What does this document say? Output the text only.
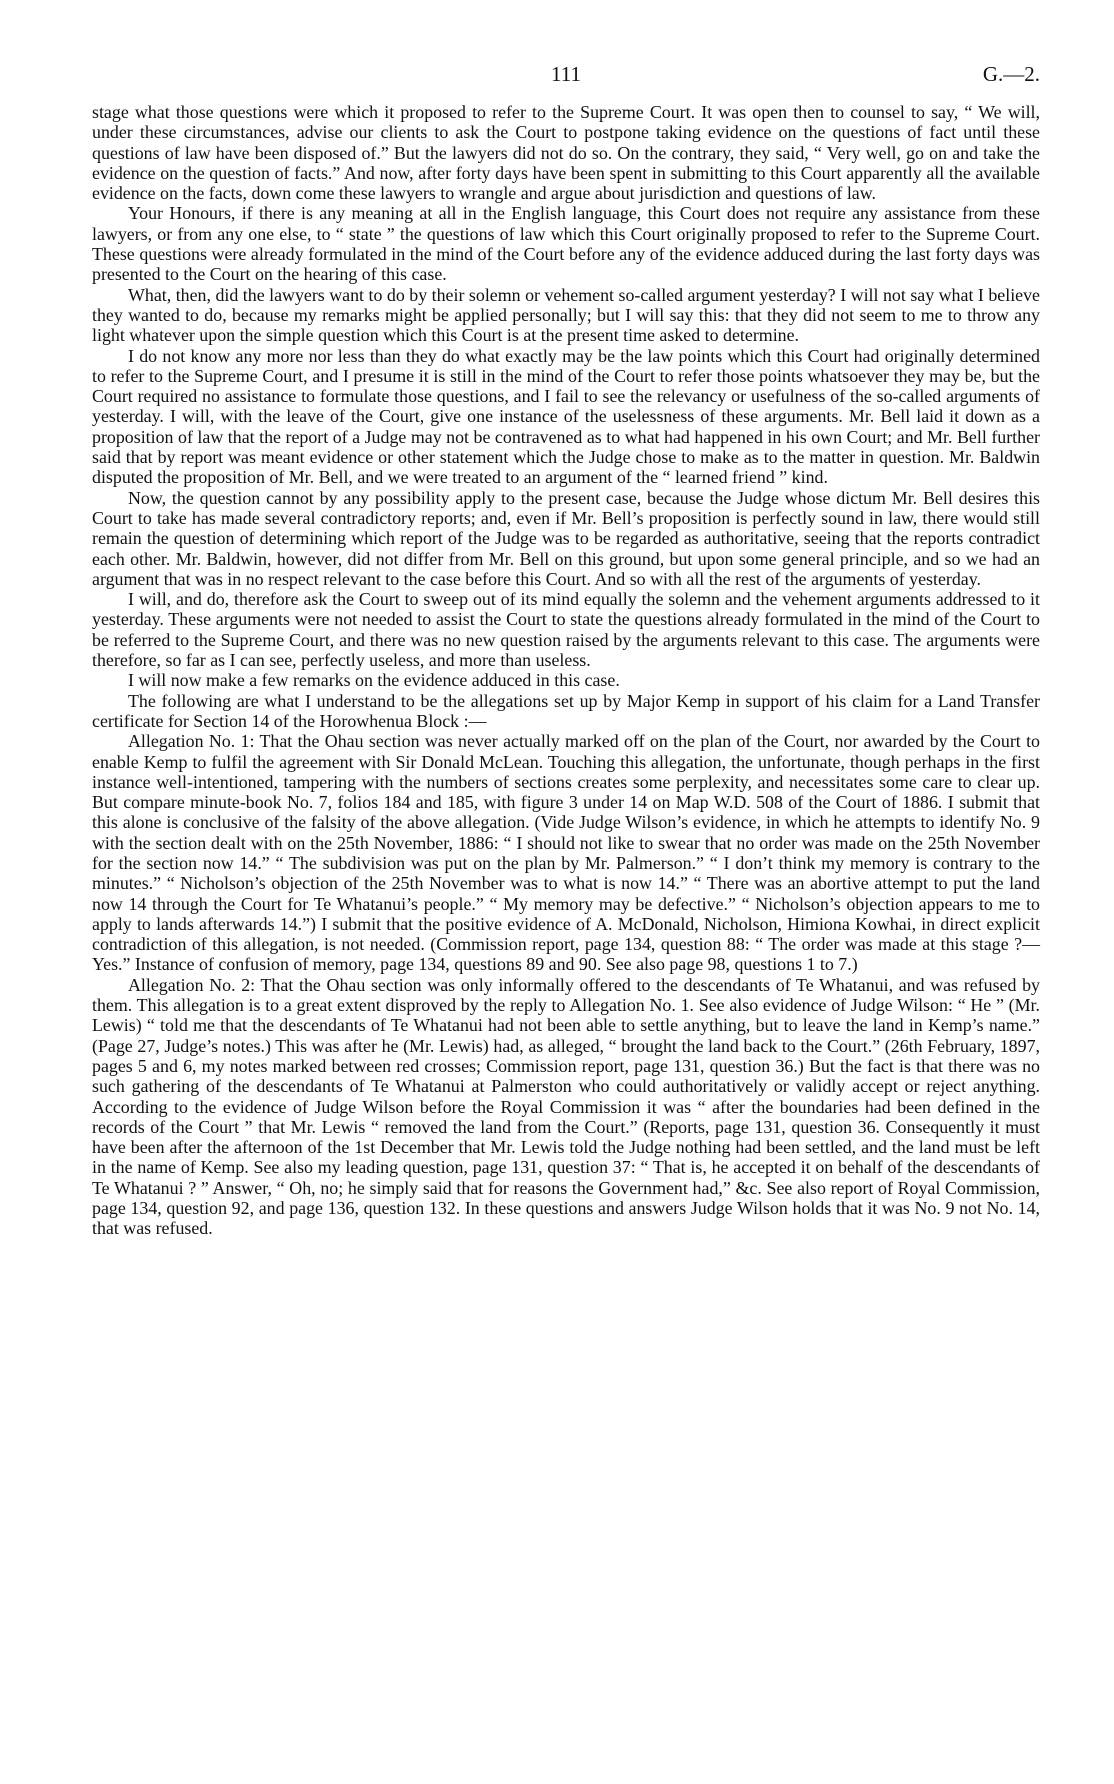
111	G.—2.

stage what those questions were which it proposed to refer to the Supreme Court. It was open then to counsel to say, “ We will, under these circumstances, advise our clients to ask the Court to postpone taking evidence on the questions of fact until these questions of law have been disposed of.” But the lawyers did not do so. On the contrary, they said, “ Very well, go on and take the evidence on the question of facts.” And now, after forty days have been spent in submitting to this Court apparently all the available evidence on the facts, down come these lawyers to wrangle and argue about jurisdiction and questions of law.

Your Honours, if there is any meaning at all in the English language, this Court does not require any assistance from these lawyers, or from any one else, to “ state ” the questions of law which this Court originally proposed to refer to the Supreme Court. These questions were already formulated in the mind of the Court before any of the evidence adduced during the last forty days was presented to the Court on the hearing of this case.

What, then, did the lawyers want to do by their solemn or vehement so-called argument yesterday? I will not say what I believe they wanted to do, because my remarks might be applied personally; but I will say this: that they did not seem to me to throw any light whatever upon the simple question which this Court is at the present time asked to determine.

I do not know any more nor less than they do what exactly may be the law points which this Court had originally determined to refer to the Supreme Court, and I presume it is still in the mind of the Court to refer those points whatsoever they may be, but the Court required no assistance to formulate those questions, and I fail to see the relevancy or usefulness of the so-called arguments of yesterday. I will, with the leave of the Court, give one instance of the uselessness of these arguments. Mr. Bell laid it down as a proposition of law that the report of a Judge may not be contravened as to what had happened in his own Court; and Mr. Bell further said that by report was meant evidence or other statement which the Judge chose to make as to the matter in question. Mr. Baldwin disputed the proposition of Mr. Bell, and we were treated to an argument of the “ learned friend ” kind.

Now, the question cannot by any possibility apply to the present case, because the Judge whose dictum Mr. Bell desires this Court to take has made several contradictory reports; and, even if Mr. Bell’s proposition is perfectly sound in law, there would still remain the question of determining which report of the Judge was to be regarded as authoritative, seeing that the reports contradict each other. Mr. Baldwin, however, did not differ from Mr. Bell on this ground, but upon some general principle, and so we had an argument that was in no respect relevant to the case before this Court. And so with all the rest of the arguments of yesterday.

I will, and do, therefore ask the Court to sweep out of its mind equally the solemn and the vehement arguments addressed to it yesterday. These arguments were not needed to assist the Court to state the questions already formulated in the mind of the Court to be referred to the Supreme Court, and there was no new question raised by the arguments relevant to this case. The arguments were therefore, so far as I can see, perfectly useless, and more than useless.

I will now make a few remarks on the evidence adduced in this case.

The following are what I understand to be the allegations set up by Major Kemp in support of his claim for a Land Transfer certificate for Section 14 of the Horowhenua Block :—

Allegation No. 1: That the Ohau section was never actually marked off on the plan of the Court, nor awarded by the Court to enable Kemp to fulfil the agreement with Sir Donald McLean. Touching this allegation, the unfortunate, though perhaps in the first instance well-intentioned, tampering with the numbers of sections creates some perplexity, and necessitates some care to clear up. But compare minute-book No. 7, folios 184 and 185, with figure 3 under 14 on Map W.D. 508 of the Court of 1886. I submit that this alone is conclusive of the falsity of the above allegation. (Vide Judge Wilson’s evidence, in which he attempts to identify No. 9 with the section dealt with on the 25th November, 1886: “ I should not like to swear that no order was made on the 25th November for the section now 14.” “ The subdivision was put on the plan by Mr. Palmerson.” “ I don’t think my memory is contrary to the minutes.” “ Nicholson’s objection of the 25th November was to what is now 14.” “ There was an abortive attempt to put the land now 14 through the Court for Te Whatanui’s people.” “ My memory may be defective.” “ Nicholson’s objection appears to me to apply to lands afterwards 14.”) I submit that the positive evidence of A. McDonald, Nicholson, Himiona Kowhai, in direct explicit contradiction of this allegation, is not needed. (Commission report, page 134, question 88: “ The order was made at this stage ?—Yes.” Instance of confusion of memory, page 134, questions 89 and 90. See also page 98, questions 1 to 7.)

Allegation No. 2: That the Ohau section was only informally offered to the descendants of Te Whatanui, and was refused by them. This allegation is to a great extent disproved by the reply to Allegation No. 1. See also evidence of Judge Wilson: “ He ” (Mr. Lewis) “ told me that the descendants of Te Whatanui had not been able to settle anything, but to leave the land in Kemp’s name.” (Page 27, Judge’s notes.) This was after he (Mr. Lewis) had, as alleged, “ brought the land back to the Court.” (26th February, 1897, pages 5 and 6, my notes marked between red crosses; Commission report, page 131, question 36.) But the fact is that there was no such gathering of the descendants of Te Whatanui at Palmerston who could authoritatively or validly accept or reject anything. According to the evidence of Judge Wilson before the Royal Commission it was “ after the boundaries had been defined in the records of the Court ” that Mr. Lewis “ removed the land from the Court.” (Reports, page 131, question 36. Consequently it must have been after the afternoon of the 1st December that Mr. Lewis told the Judge nothing had been settled, and the land must be left in the name of Kemp. See also my leading question, page 131, question 37: “ That is, he accepted it on behalf of the descendants of Te Whatanui ? ” Answer, “ Oh, no; he simply said that for reasons the Government had,” &c. See also report of Royal Commission, page 134, question 92, and page 136, question 132. In these questions and answers Judge Wilson holds that it was No. 9 not No. 14, that was refused.
